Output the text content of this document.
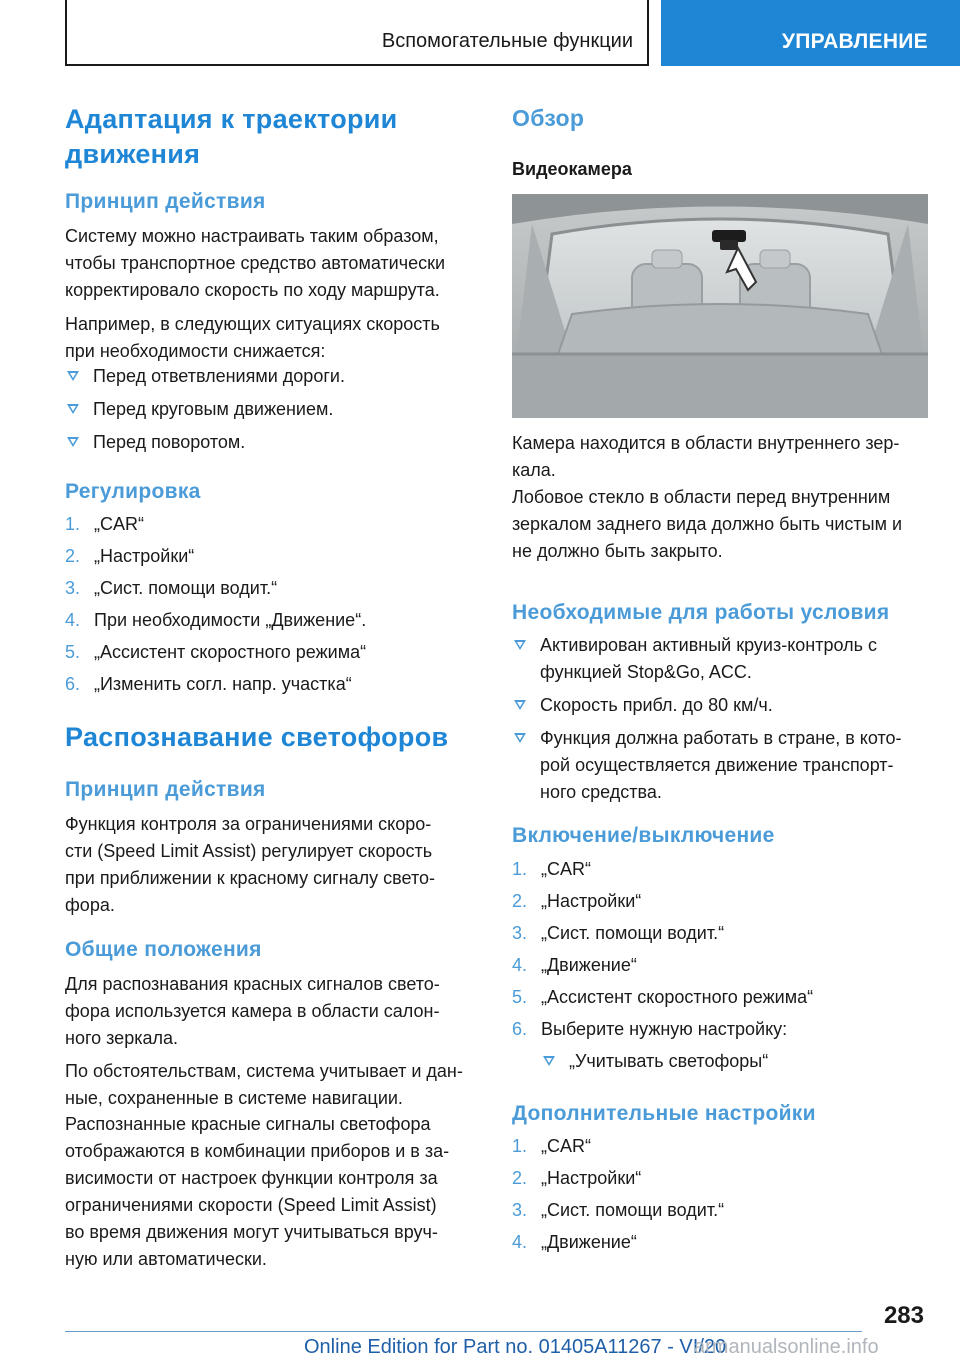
Вспомогательные функции	УПРАВЛЕНИЕ
Адаптация к траектории
движения
Принцип действия
Систему можно настраивать таким образом,
чтобы транспортное средство автоматически
корректировало скорость по ходу маршрута.
Например, в следующих ситуациях скорость
при необходимости снижается:
Перед ответвлениями дороги.
Перед круговым движением.
Перед поворотом.
Регулировка
1. „CAR“
2. „Настройки“
3. „Сист. помощи водит.“
4. При необходимости „Движение“.
5. „Ассистент скоростного режима“
6. „Изменить согл. напр. участка“
Распознавание светофоров
Принцип действия
Функция контроля за ограничениями скоро-
сти (Speed Limit Assist) регулирует скорость
при приближении к красному сигналу свето-
фора.
Общие положения
Для распознавания красных сигналов свето-
фора используется камера в области салон-
ного зеркала.
По обстоятельствам, система учитывает и дан-
ные, сохраненные в системе навигации.
Распознанные красные сигналы светофора
отображаются в комбинации приборов и в за-
висимости от настроек функции контроля за
ограничениями скорости (Speed Limit Assist)
во время движения могут учитываться вруч-
ную или автоматически.
Обзор
Видеокамера
Камера находится в области внутреннего зер-
кала.
Лобовое стекло в области перед внутренним
зеркалом заднего вида должно быть чистым и
не должно быть закрыто.
Необходимые для работы условия
Активирован активный круиз-контроль с
функцией Stop&Go, ACC.
Скорость прибл. до 80 км/ч.
Функция должна работать в стране, в кото-
рой осуществляется движение транспорт-
ного средства.
Включение/выключение
1. „CAR“
2. „Настройки“
3. „Сист. помощи водит.“
4. „Движение“
5. „Ассистент скоростного режима“
6. Выберите нужную настройку:
„Учитывать светофоры“
Дополнительные настройки
1. „CAR“
2. „Настройки“
3. „Сист. помощи водит.“
4. „Движение“
283
Online Edition for Part no. 01405A11267 - VI/20
armanualsonline.info
